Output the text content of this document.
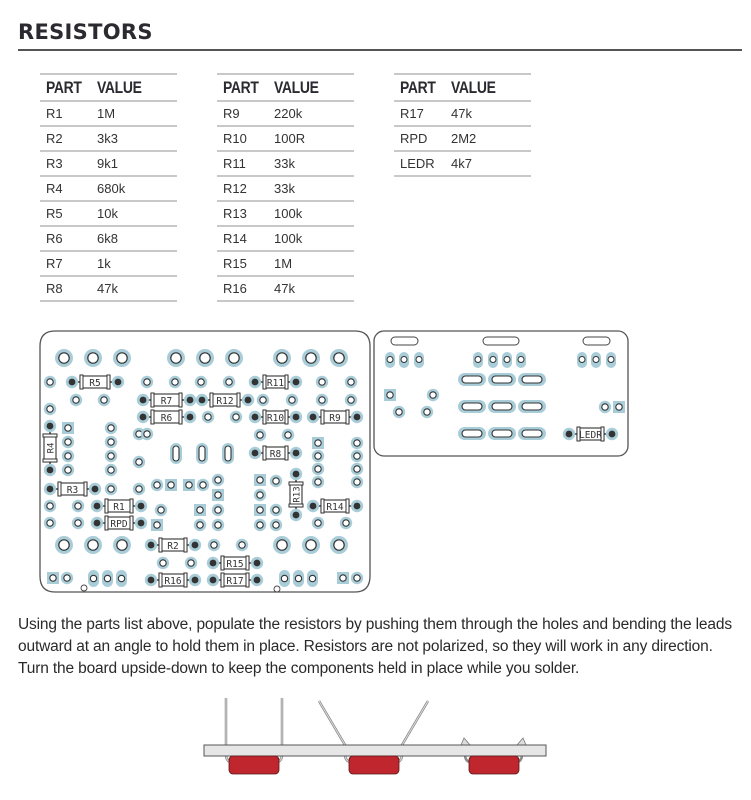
RESISTORS
PART	VALUE
R1	1M
R2	3k3
R3	9k1
R4	680k
R5	10k
R6	6k8
R7	1k
R8	47k
PART	VALUE
R9	220k
R10	100R
R11	33k
R12	33k
R13	100k
R14	100k
R15	1M
R16	47k
PART	VALUE
R17	47k
RPD	2M2
LEDR	4k7
R5
R7	R12
R11
R6	R10	R9
R8
R4
R3
R1
RPD
R13
R14
R2
R15
R16	R17
LEDR
Using the parts list above, populate the resistors by pushing them through the holes and bending the leads outward at an angle to hold them in place. Resistors are not polarized, so they will work in any direction. Turn the board upside-down to keep the components held in place while you solder.
